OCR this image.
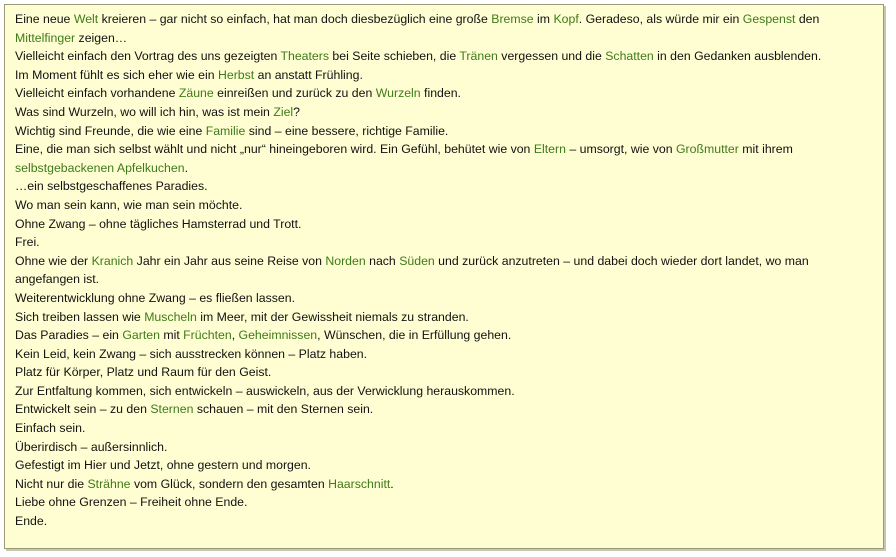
Eine neue Welt kreieren – gar nicht so einfach, hat man doch diesbezüglich eine große Bremse im Kopf. Geradeso, als würde mir ein Gespenst den Mittelfinger zeigen…

Vielleicht einfach den Vortrag des uns gezeigten Theaters bei Seite schieben, die Tränen vergessen und die Schatten in den Gedanken ausblenden.

Im Moment fühlt es sich eher wie ein Herbst an anstatt Frühling.

Vielleicht einfach vorhandene Zäune einreißen und zurück zu den Wurzeln finden.

Was sind Wurzeln, wo will ich hin, was ist mein Ziel?

Wichtig sind Freunde, die wie eine Familie sind – eine bessere, richtige Familie.

Eine, die man sich selbst wählt und nicht „nur“ hineingeboren wird. Ein Gefühl, behütet wie von Eltern – umsorgt, wie von Großmutter mit ihrem selbstgebackenen Apfelkuchen.

…ein selbstgeschaffenes Paradies.

Wo man sein kann, wie man sein möchte.

Ohne Zwang – ohne tägliches Hamsterrad und Trott.

Frei.

Ohne wie der Kranich Jahr ein Jahr aus seine Reise von Norden nach Süden und zurück anzutreten – und dabei doch wieder dort landet, wo man angefangen ist.

Weiterentwicklung ohne Zwang – es fließen lassen.

Sich treiben lassen wie Muscheln im Meer, mit der Gewissheit niemals zu stranden.

Das Paradies – ein Garten mit Früchten, Geheimnissen, Wünschen, die in Erfüllung gehen.

Kein Leid, kein Zwang – sich ausstrecken können – Platz haben.

Platz für Körper, Platz und Raum für den Geist.

Zur Entfaltung kommen, sich entwickeln – auswickeln, aus der Verwicklung herauskommen.

Entwickelt sein – zu den Sternen schauen – mit den Sternen sein.

Einfach sein.

Überirdisch – außersinnlich.

Gefestigt im Hier und Jetzt, ohne gestern und morgen.

Nicht nur die Strähne vom Glück, sondern den gesamten Haarschnitt.

Liebe ohne Grenzen – Freiheit ohne Ende.

Ende.
